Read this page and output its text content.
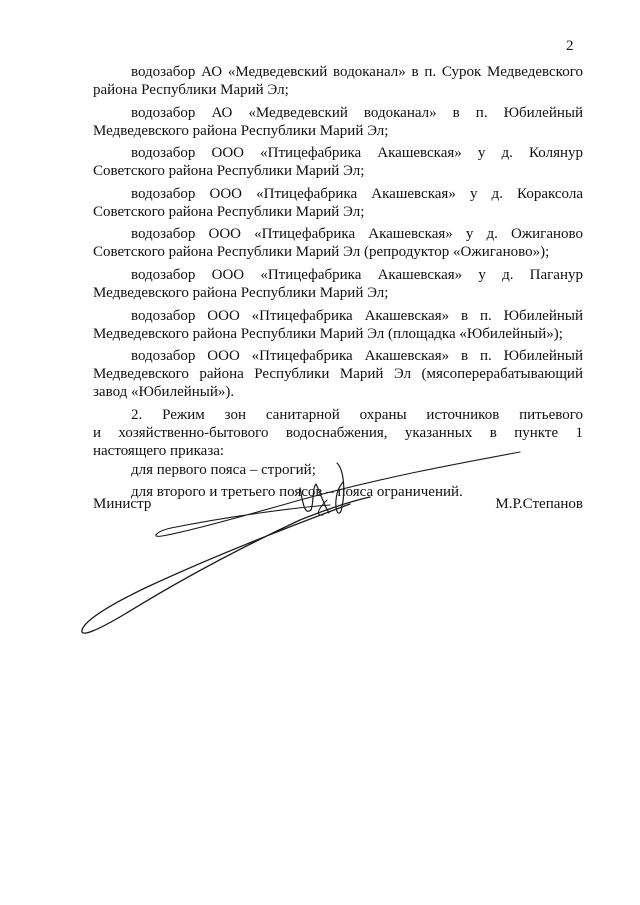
2
водозабор АО «Медведевский водоканал» в п. Сурок Медведевского
района Республики Марий Эл;
водозабор АО «Медведевский водоканал» в п. Юбилейный
Медведевского района Республики Марий Эл;
водозабор ООО «Птицефабрика Акашевская» у д. Колянур
Советского района Республики Марий Эл;
водозабор ООО «Птицефабрика Акашевская» у д. Кораксола
Советского района Республики Марий Эл;
водозабор ООО «Птицефабрика Акашевская» у д. Ожиганово
Советского района Республики Марий Эл (репродуктор «Ожиганово»);
водозабор ООО «Птицефабрика Акашевская» у д. Паганур
Медведевского района Республики Марий Эл;
водозабор ООО «Птицефабрика Акашевская» в п. Юбилейный
Медведевского района Республики Марий Эл (площадка «Юбилейный»);
водозабор ООО «Птицефабрика Акашевская» в п. Юбилейный
Медведевского района Республики Марий Эл (мясоперерабатывающий
завод «Юбилейный»).
2. Режим зон санитарной охраны источников питьевого
и хозяйственно-бытового водоснабжения, указанных в пункте 1
настоящего приказа:
для первого пояса – строгий;
для второго и третьего поясов – пояса ограничений.
Министр	М.Р.Степанов
